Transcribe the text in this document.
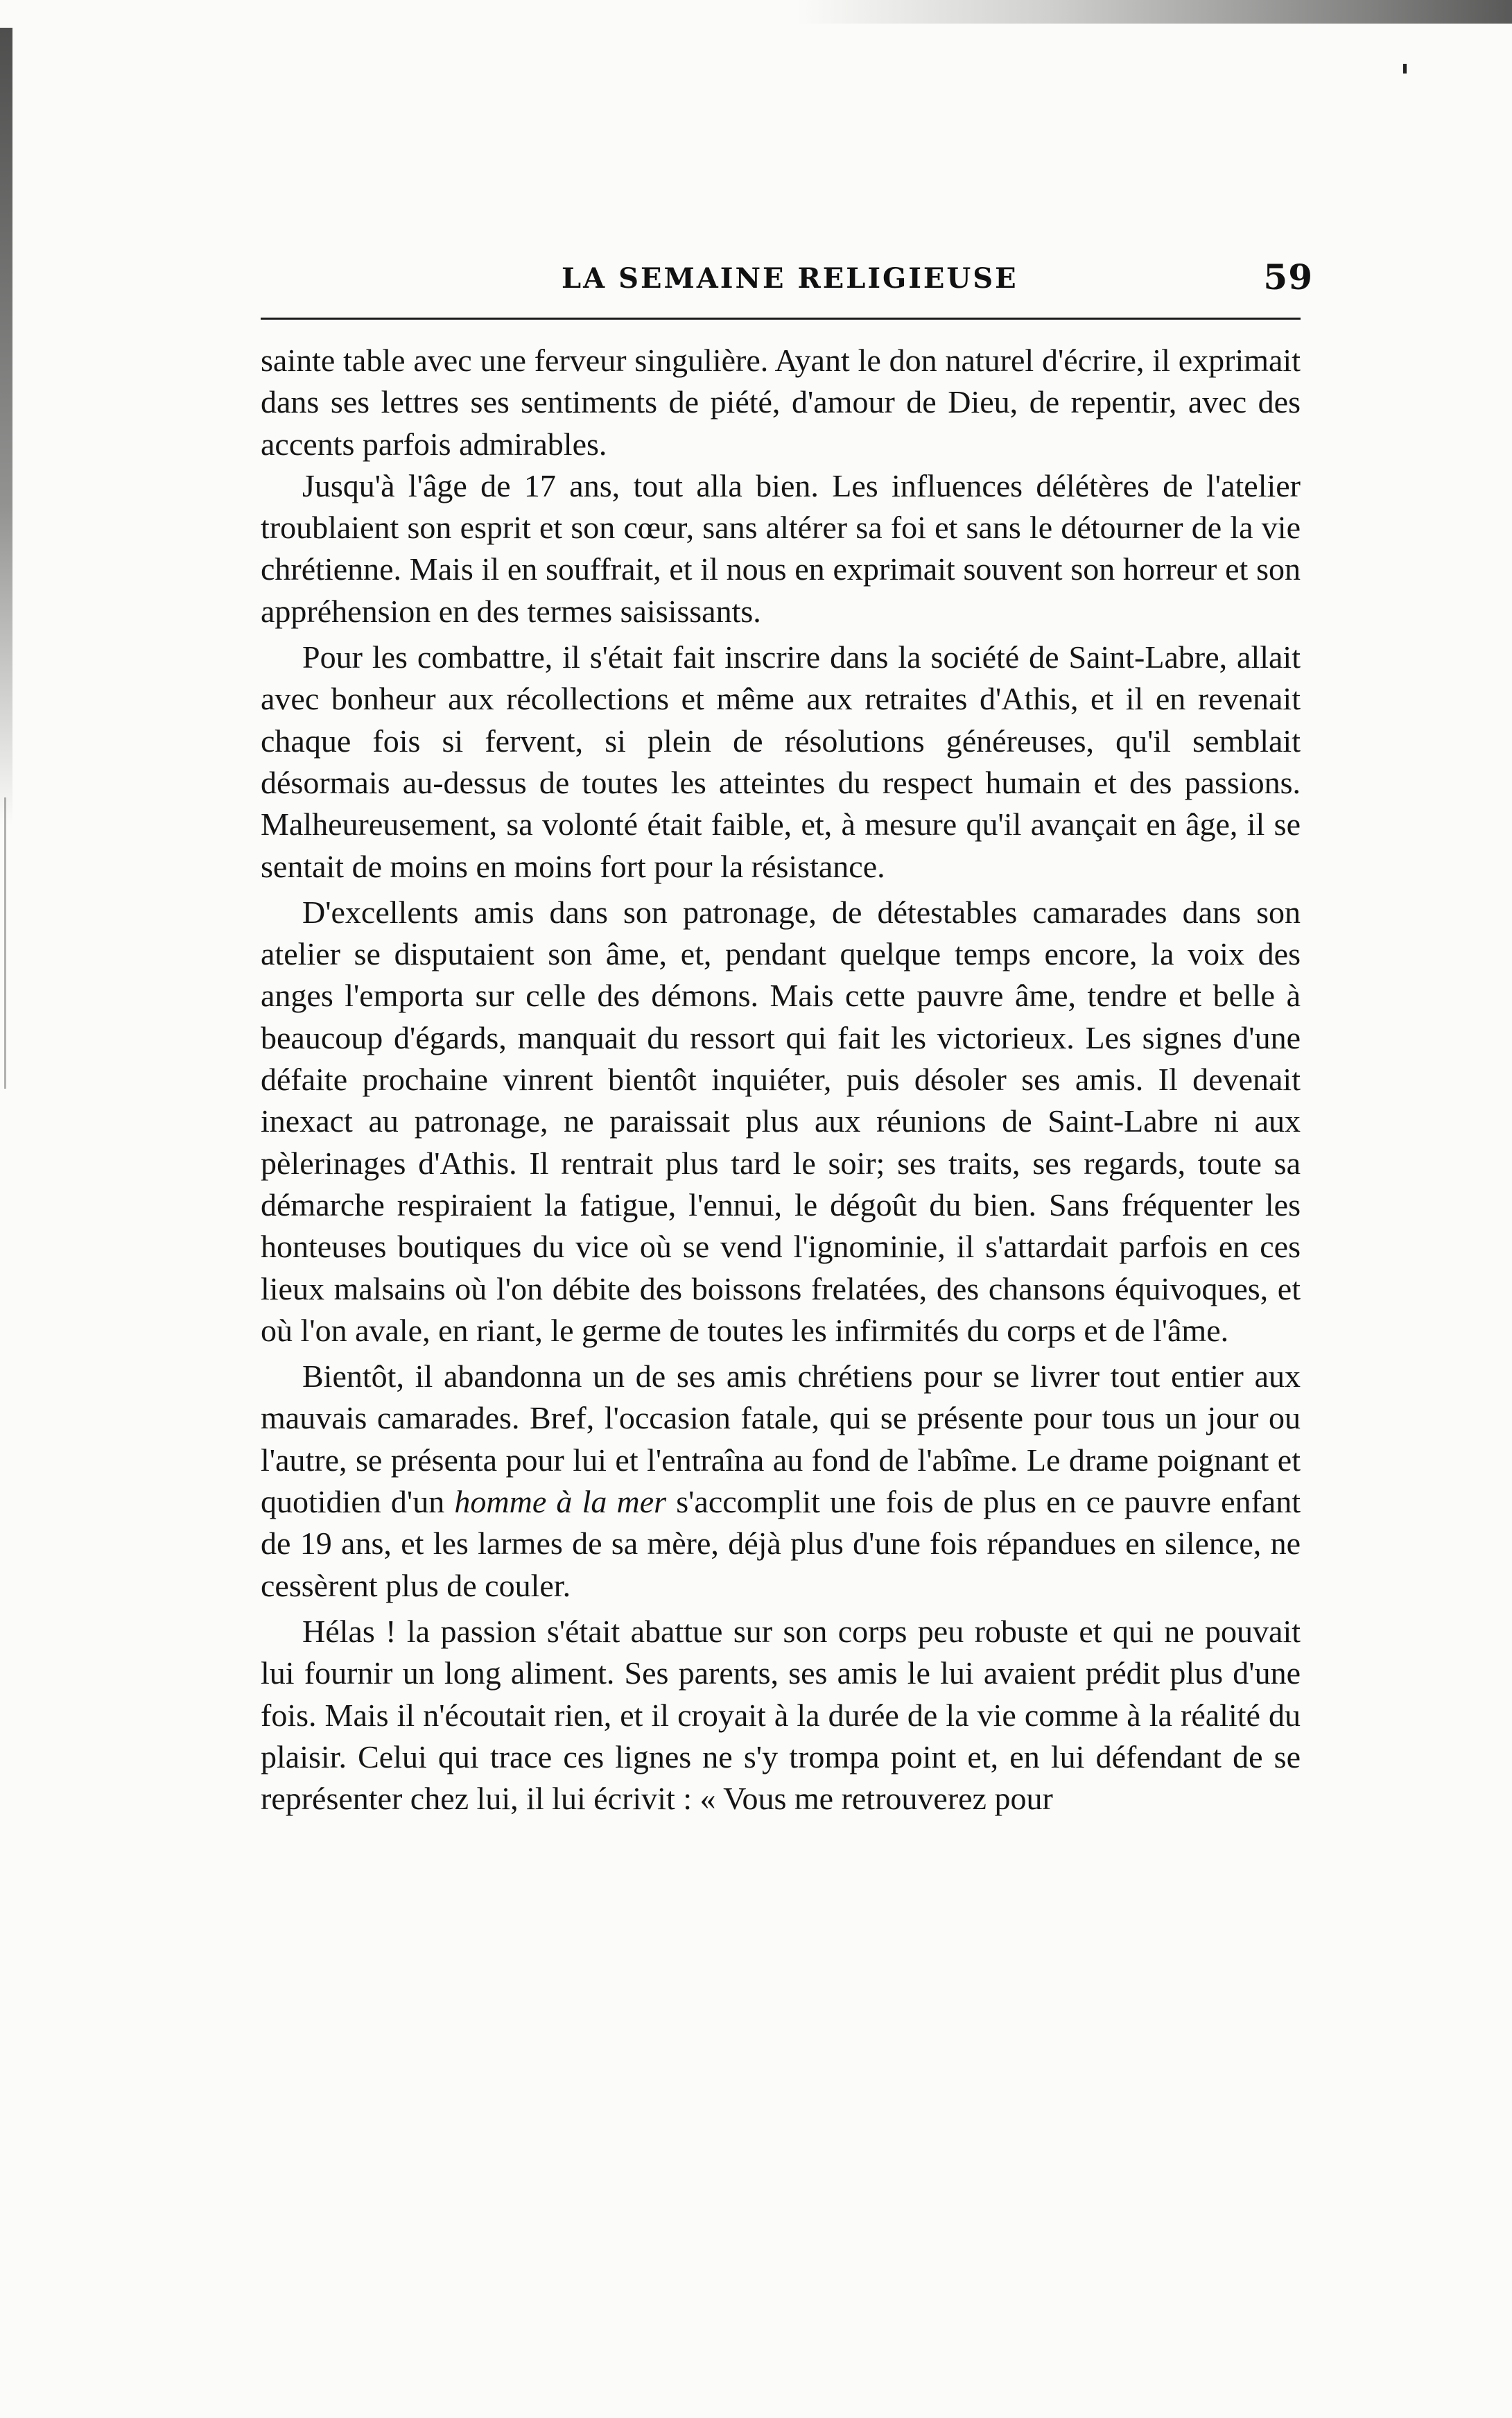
LA SEMAINE RELIGIEUSE	59

sainte table avec une ferveur singulière. Ayant le don naturel d'écrire, il exprimait dans ses lettres ses sentiments de piété, d'amour de Dieu, de repentir, avec des accents parfois admirables.

Jusqu'à l'âge de 17 ans, tout alla bien. Les influences délétères de l'atelier troublaient son esprit et son cœur, sans altérer sa foi et sans le détourner de la vie chrétienne. Mais il en souffrait, et il nous en exprimait souvent son horreur et son appréhension en des termes saisissants.

Pour les combattre, il s'était fait inscrire dans la société de Saint-Labre, allait avec bonheur aux récollections et même aux retraites d'Athis, et il en revenait chaque fois si fervent, si plein de résolutions généreuses, qu'il semblait désormais au-dessus de toutes les atteintes du respect humain et des passions. Malheureusement, sa volonté était faible, et, à mesure qu'il avançait en âge, il se sentait de moins en moins fort pour la résistance.

D'excellents amis dans son patronage, de détestables camarades dans son atelier se disputaient son âme, et, pendant quelque temps encore, la voix des anges l'emporta sur celle des démons. Mais cette pauvre âme, tendre et belle à beaucoup d'égards, manquait du ressort qui fait les victorieux. Les signes d'une défaite prochaine vinrent bientôt inquiéter, puis désoler ses amis. Il devenait inexact au patronage, ne paraissait plus aux réunions de Saint-Labre ni aux pèlerinages d'Athis. Il rentrait plus tard le soir; ses traits, ses regards, toute sa démarche respiraient la fatigue, l'ennui, le dégoût du bien. Sans fréquenter les honteuses boutiques du vice où se vend l'ignominie, il s'attardait parfois en ces lieux malsains où l'on débite des boissons frelatées, des chansons équivoques, et où l'on avale, en riant, le germe de toutes les infirmités du corps et de l'âme.

Bientôt, il abandonna un de ses amis chrétiens pour se livrer tout entier aux mauvais camarades. Bref, l'occasion fatale, qui se présente pour tous un jour ou l'autre, se présenta pour lui et l'entraîna au fond de l'abîme. Le drame poignant et quotidien d'un homme à la mer s'accomplit une fois de plus en ce pauvre enfant de 19 ans, et les larmes de sa mère, déjà plus d'une fois répandues en silence, ne cessèrent plus de couler.

Hélas ! la passion s'était abattue sur son corps peu robuste et qui ne pouvait lui fournir un long aliment. Ses parents, ses amis le lui avaient prédit plus d'une fois. Mais il n'écoutait rien, et il croyait à la durée de la vie comme à la réalité du plaisir. Celui qui trace ces lignes ne s'y trompa point et, en lui défendant de se représenter chez lui, il lui écrivit : « Vous me retrouverez pour
